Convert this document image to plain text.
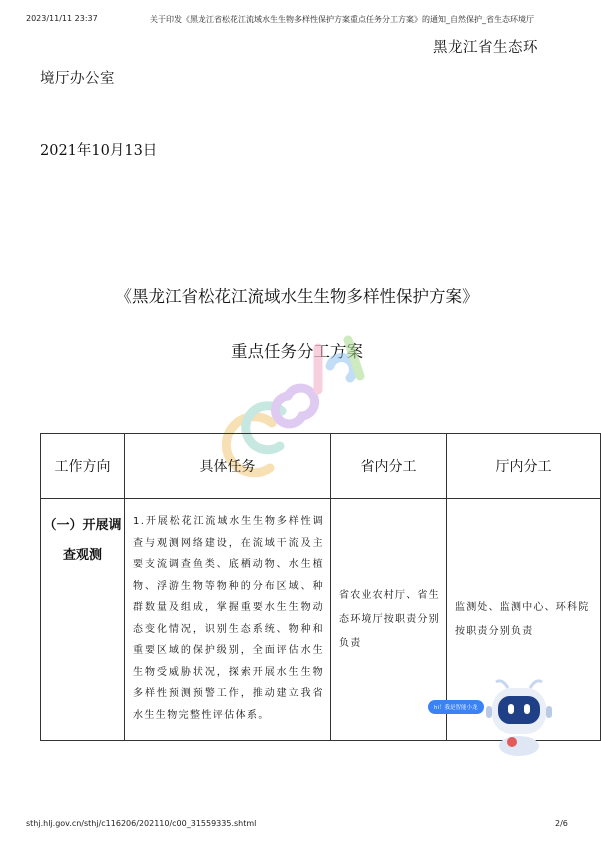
2023/11/11 23:37	关于印发《黑龙江省松花江流域水生生物多样性保护方案重点任务分工方案》的通知_自然保护_省生态环境厅
黑龙江省生态环
境厅办公室
2021年10月13日
《黑龙江省松花江流域水生生物多样性保护方案》
重点任务分工方案
工作方向	具体任务	省内分工	厅内分工
（一）开展调查观测	1.开展松花江流域水生生物多样性调查与观测网络建设，在流域干流及主要支流调查鱼类、底栖动物、水生植物、浮游生物等物种的分布区域、种群数量及组成，掌握重要水生生物动态变化情况，识别生态系统、物种和重要区域的保护级别，全面评估水生生物受威胁状况，探索开展水生生物多样性预测预警工作，推动建立我省水生生物完整性评估体系。	省农业农村厅、省生态环境厅按职责分别负责	监测处、监测中心、环科院按职责分别负责
hi！我是智能小龙
sthj.hlj.gov.cn/sthj/c116206/202110/c00_31559335.shtml	2/6
